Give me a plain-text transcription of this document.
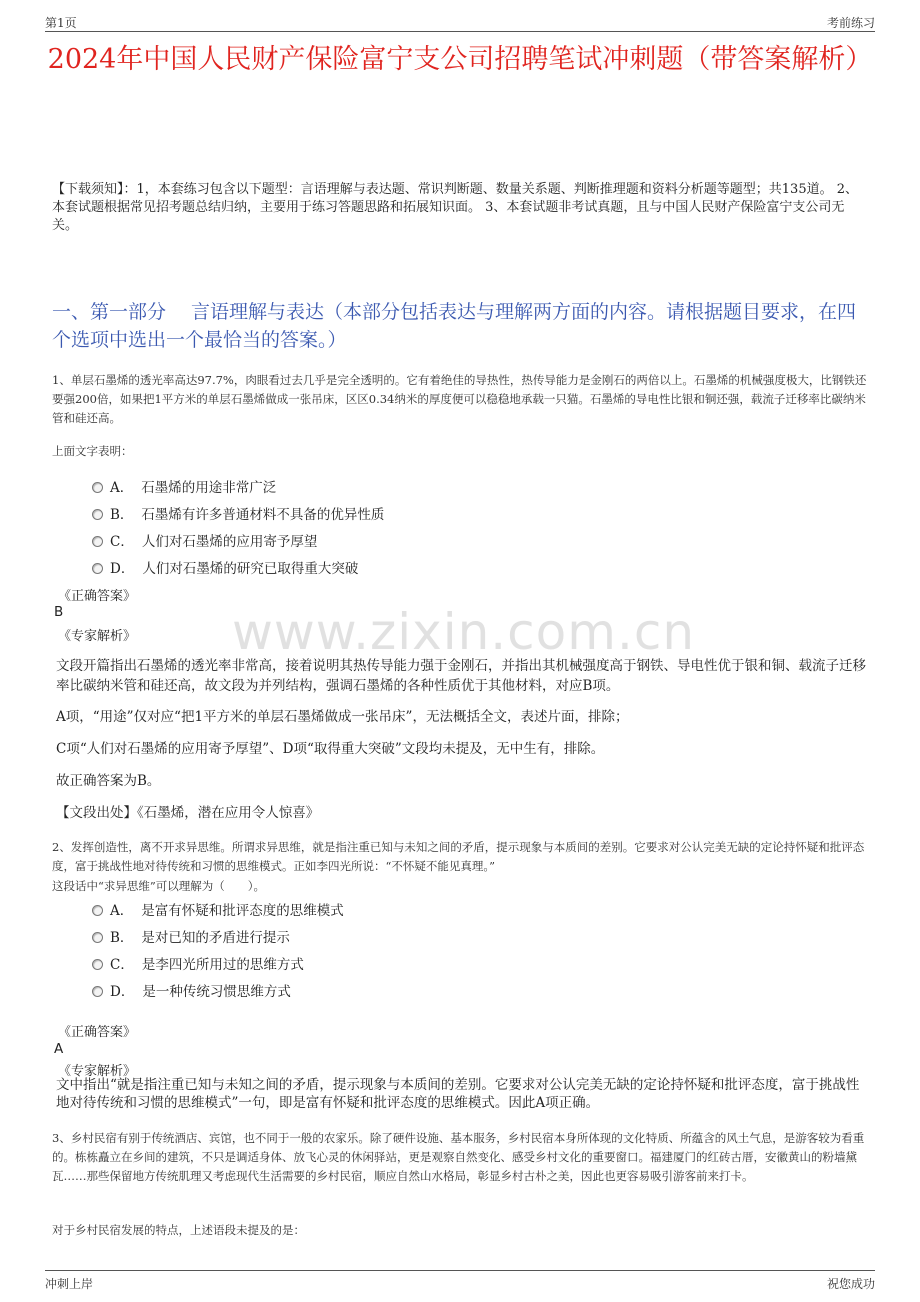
第1页	考前练习
2024年中国人民财产保险富宁支公司招聘笔试冲刺题（带答案解析）
【下载须知】：1，本套练习包含以下题型：言语理解与表达题、常识判断题、数量关系题、判断推理题和资料分析题等题型；共135道。 2、本套试题根据常见招考题总结归纳，主要用于练习答题思路和拓展知识面。 3、本套试题非考试真题，且与中国人民财产保险富宁支公司无关。
一、第一部分　 言语理解与表达（本部分包括表达与理解两方面的内容。请根据题目要求，在四个选项中选出一个最恰当的答案。）
www.zixin.com.cn
1、单层石墨烯的透光率高达97.7%，肉眼看过去几乎是完全透明的。它有着绝佳的导热性，热传导能力是金刚石的两倍以上。石墨烯的机械强度极大，比钢铁还要强200倍，如果把1平方米的单层石墨烯做成一张吊床，区区0.34纳米的厚度便可以稳稳地承载一只猫。石墨烯的导电性比银和铜还强，载流子迁移率比碳纳米管和硅还高。
上面文字表明：
A． 石墨烯的用途非常广泛
B． 石墨烯有许多普通材料不具备的优异性质
C． 人们对石墨烯的应用寄予厚望
D． 人们对石墨烯的研究已取得重大突破
《正确答案》
B
《专家解析》
文段开篇指出石墨烯的透光率非常高，接着说明其热传导能力强于金刚石，并指出其机械强度高于钢铁、导电性优于银和铜、载流子迁移率比碳纳米管和硅还高，故文段为并列结构，强调石墨烯的各种性质优于其他材料，对应B项。
A项，“用途”仅对应“把1平方米的单层石墨烯做成一张吊床”，无法概括全文，表述片面，排除；
C项“人们对石墨烯的应用寄予厚望”、D项“取得重大突破”文段均未提及，无中生有，排除。
故正确答案为B。
【文段出处】《石墨烯，潜在应用令人惊喜》
2、发挥创造性，离不开求异思维。所谓求异思维，就是指注重已知与未知之间的矛盾，提示现象与本质间的差别。它要求对公认完美无缺的定论持怀疑和批评态度，富于挑战性地对待传统和习惯的思维模式。正如李四光所说：“不怀疑不能见真理。”
这段话中“求异思维”可以理解为（　　）。
A． 是富有怀疑和批评态度的思维模式
B． 是对已知的矛盾进行提示
C． 是李四光所用过的思维方式
D． 是一种传统习惯思维方式
《正确答案》
A
《专家解析》
文中指出“就是指注重已知与未知之间的矛盾，提示现象与本质间的差别。它要求对公认完美无缺的定论持怀疑和批评态度，富于挑战性地对待传统和习惯的思维模式”一句，即是富有怀疑和批评态度的思维模式。因此A项正确。
3、乡村民宿有别于传统酒店、宾馆，也不同于一般的农家乐。除了硬件设施、基本服务，乡村民宿本身所体现的文化特质、所蕴含的风土气息，是游客较为看重的。栋栋矗立在乡间的建筑，不只是调适身体、放飞心灵的休闲驿站，更是观察自然变化、感受乡村文化的重要窗口。福建厦门的红砖古厝，安徽黄山的粉墙黛瓦……那些保留地方传统肌理又考虑现代生活需要的乡村民宿，顺应自然山水格局，彰显乡村古朴之美，因此也更容易吸引游客前来打卡。
对于乡村民宿发展的特点，上述语段未提及的是：
冲刺上岸	祝您成功
